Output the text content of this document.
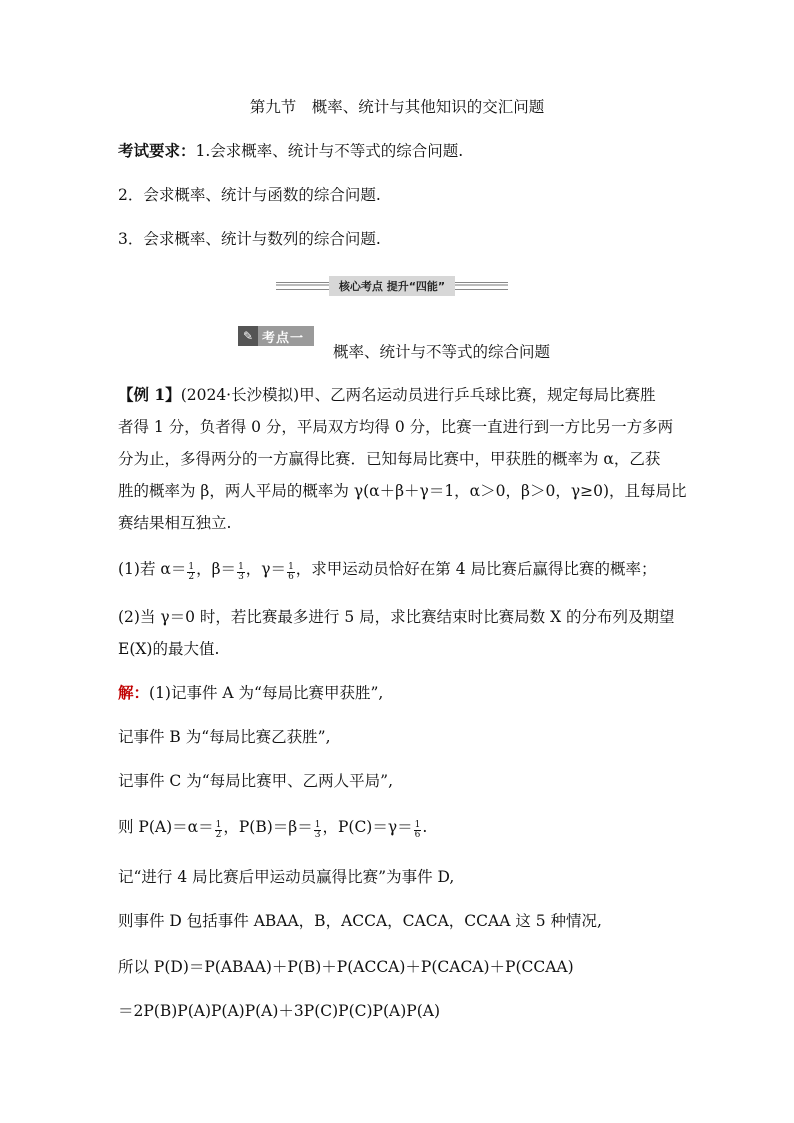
第九节　概率、统计与其他知识的交汇问题
考试要求：1.会求概率、统计与不等式的综合问题.
2．会求概率、统计与函数的综合问题.
3．会求概率、统计与数列的综合问题.
核心考点 提升“四能”
✎ 考点一
概率、统计与不等式的综合问题
【例 1】(2024·长沙模拟)甲、乙两名运动员进行乒乓球比赛，规定每局比赛胜
者得 1 分，负者得 0 分，平局双方均得 0 分，比赛一直进行到一方比另一方多两
分为止，多得两分的一方赢得比赛．已知每局比赛中，甲获胜的概率为 α，乙获
胜的概率为 β，两人平局的概率为 γ(α＋β＋γ＝1，α＞0，β＞0，γ≥0)，且每局比
赛结果相互独立.
(1)若 $\alpha= \frac{1}{2}$ ，$\beta= \frac{1}{3}$ ，$\gamma= \frac{1}{6}$ ，求甲运动员恰好在第 4 局比赛后赢得比赛的概率；
(2)当 γ＝0 时，若比赛最多进行 5 局，求比赛结束时比赛局数 X 的分布列及期望
E(X)的最大值.
解：(1)记事件 A 为“每局比赛甲获胜”,
记事件 B 为“每局比赛乙获胜”,
记事件 C 为“每局比赛甲、乙两人平局”,
则 $P(A)=\alpha= \frac{1}{2}$ ，$P(B)=\beta= \frac{1}{3}$ ，$P(C)=\gamma= \frac{1}{6}$ .
记“进行 4 局比赛后甲运动员赢得比赛”为事件 D,
则事件 D 包括事件 ABAA，B，ACCA，CACA，CCAA 这 5 种情况,
所以 P(D)＝P(ABAA)＋P(B)＋P(ACCA)＋P(CACA)＋P(CCAA)
＝2P(B)P(A)P(A)P(A)＋3P(C)P(C)P(A)P(A)
